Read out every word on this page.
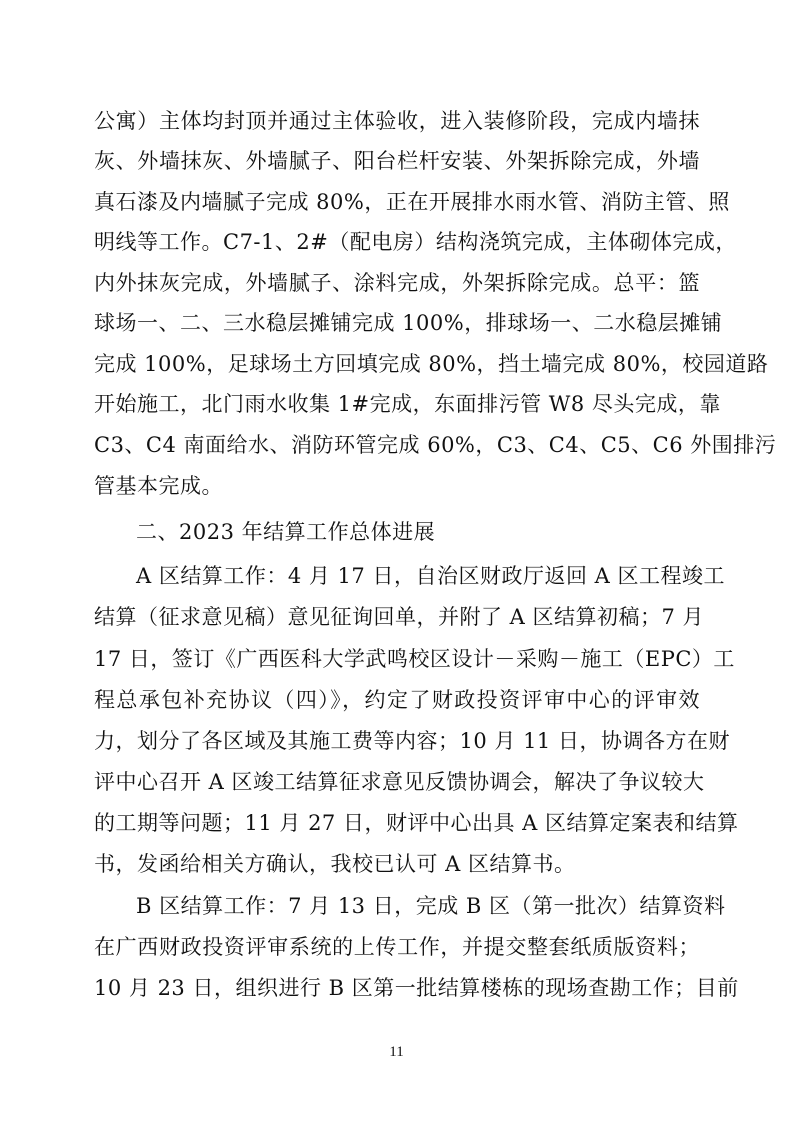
公寓）主体均封顶并通过主体验收，进入装修阶段，完成内墙抹
灰、外墙抹灰、外墙腻子、阳台栏杆安装、外架拆除完成，外墙
真石漆及内墙腻子完成 80%，正在开展排水雨水管、消防主管、照
明线等工作。C7-1、2#（配电房）结构浇筑完成，主体砌体完成，
内外抹灰完成，外墙腻子、涂料完成，外架拆除完成。总平：篮
球场一、二、三水稳层摊铺完成 100%，排球场一、二水稳层摊铺
完成 100%，足球场土方回填完成 80%，挡土墙完成 80%，校园道路
开始施工，北门雨水收集 1#完成，东面排污管 W8 尽头完成，靠
C3、C4 南面给水、消防环管完成 60%，C3、C4、C5、C6 外围排污
管基本完成。
二、2023 年结算工作总体进展
A 区结算工作：4 月 17 日，自治区财政厅返回 A 区工程竣工
结算（征求意见稿）意见征询回单，并附了 A 区结算初稿；7 月
17 日，签订《广西医科大学武鸣校区设计－采购－施工（EPC）工
程总承包补充协议（四）》，约定了财政投资评审中心的评审效
力，划分了各区域及其施工费等内容；10 月 11 日，协调各方在财
评中心召开 A 区竣工结算征求意见反馈协调会，解决了争议较大
的工期等问题；11 月 27 日，财评中心出具 A 区结算定案表和结算
书，发函给相关方确认，我校已认可 A 区结算书。
B 区结算工作：7 月 13 日，完成 B 区（第一批次）结算资料
在广西财政投资评审系统的上传工作，并提交整套纸质版资料；
10 月 23 日，组织进行 B 区第一批结算楼栋的现场查勘工作；目前
11
